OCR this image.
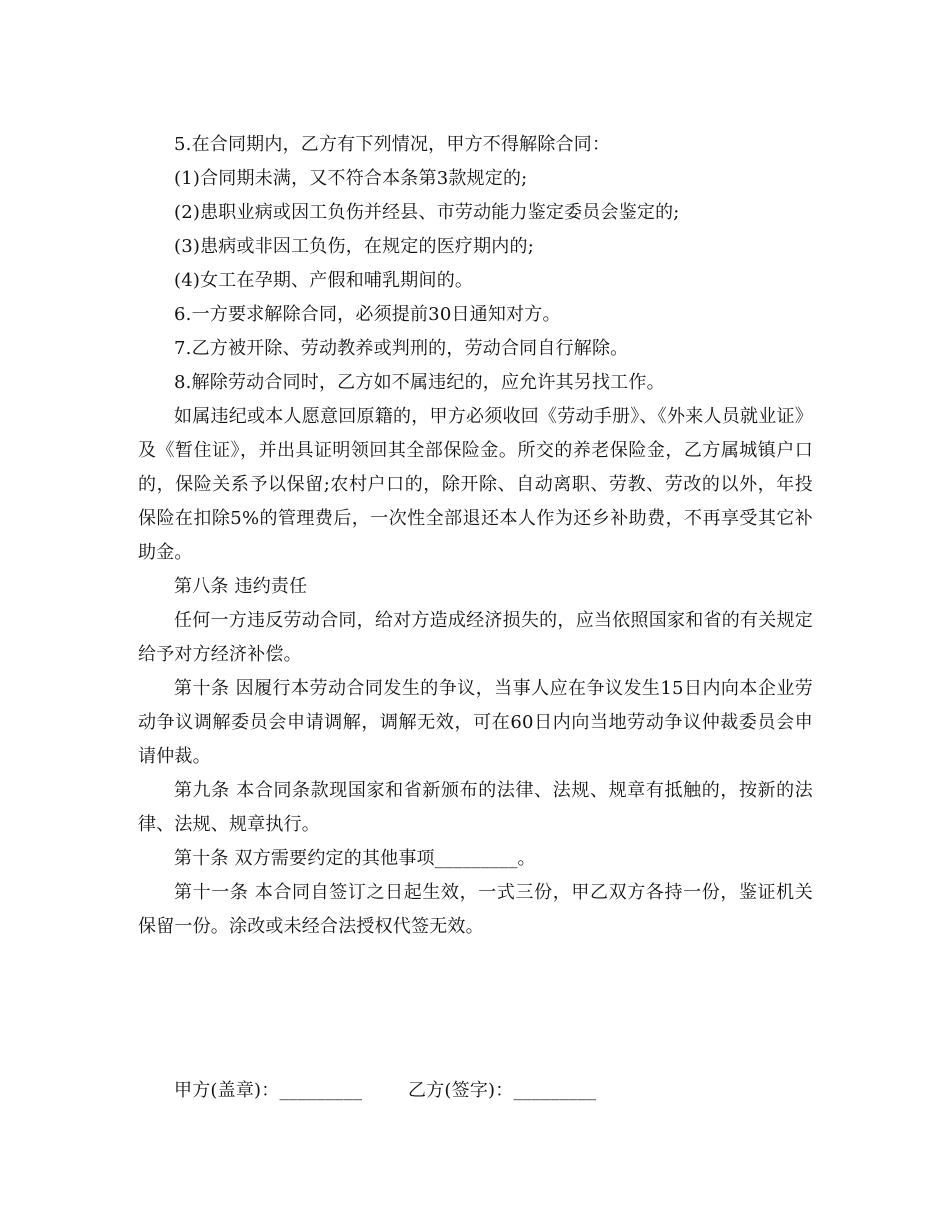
5.在合同期内，乙方有下列情况，甲方不得解除合同：

(1)合同期未满，又不符合本条第3款规定的;

(2)患职业病或因工负伤并经县、市劳动能力鉴定委员会鉴定的;

(3)患病或非因工负伤，在规定的医疗期内的;

(4)女工在孕期、产假和哺乳期间的。

6.一方要求解除合同，必须提前30日通知对方。

7.乙方被开除、劳动教养或判刑的，劳动合同自行解除。

8.解除劳动合同时，乙方如不属违纪的，应允许其另找工作。

如属违纪或本人愿意回原籍的，甲方必须收回《劳动手册》、《外来人员就业证》及《暂住证》，并出具证明领回其全部保险金。所交的养老保险金，乙方属城镇户口的，保险关系予以保留;农村户口的，除开除、自动离职、劳教、劳改的以外，年投保险在扣除5%的管理费后，一次性全部退还本人作为还乡补助费，不再享受其它补助金。

第八条 违约责任

任何一方违反劳动合同，给对方造成经济损失的，应当依照国家和省的有关规定给予对方经济补偿。

第十条 因履行本劳动合同发生的争议，当事人应在争议发生15日内向本企业劳动争议调解委员会申请调解，调解无效，可在60日内向当地劳动争议仲裁委员会申请仲裁。

第九条 本合同条款现国家和省新颁布的法律、法规、规章有抵触的，按新的法律、法规、规章执行。

第十条 双方需要约定的其他事项_________。

第十一条 本合同自签订之日起生效，一式三份，甲乙双方各持一份，鉴证机关保留一份。涂改或未经合法授权代签无效。

甲方(盖章)：_________	乙方(签字)：_________
